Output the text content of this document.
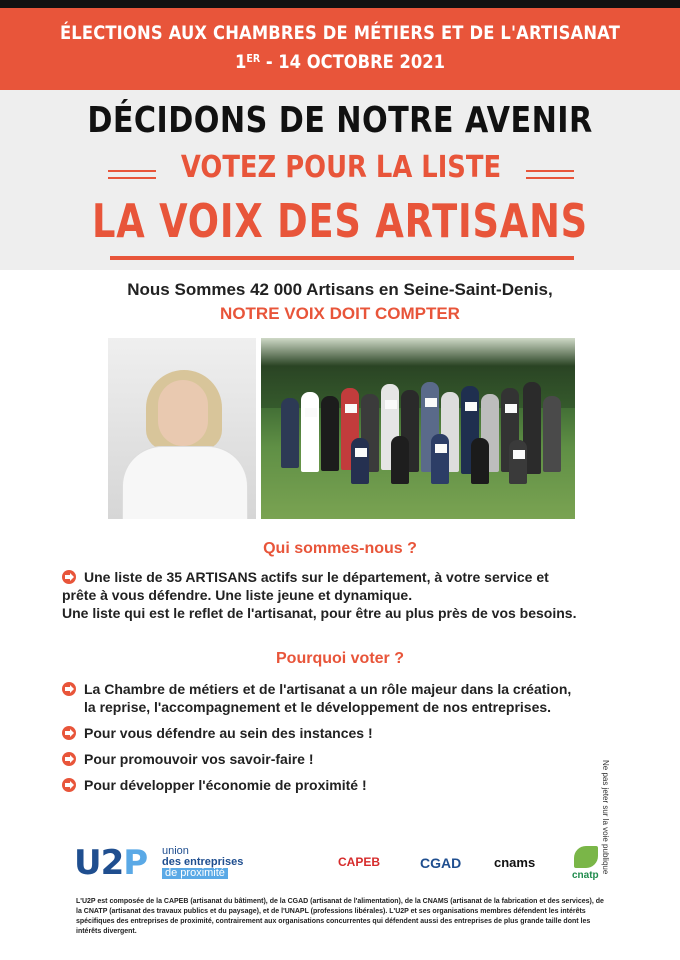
ÉLECTIONS AUX CHAMBRES DE MÉTIERS ET DE L'ARTISANAT
1ER - 14 OCTOBRE 2021
DÉCIDONS DE NOTRE AVENIR
VOTEZ POUR LA LISTE
LA VOIX DES ARTISANS
Nous Sommes 42 000 Artisans en Seine-Saint-Denis,
NOTRE VOIX DOIT COMPTER
Qui sommes-nous ?
Une liste de 35 ARTISANS actifs sur le département, à votre service et
prête à vous défendre. Une liste jeune et dynamique.
Une liste qui est le reflet de l'artisanat, pour être au plus près de vos besoins.
Pourquoi voter ?
La Chambre de métiers et de l'artisanat a un rôle majeur dans la création,
la reprise, l'accompagnement et le développement de nos entreprises.
Pour vous défendre au sein des instances !
Pour promouvoir vos savoir-faire !
Pour développer l'économie de proximité !	Ne pas jeter sur la voie publique
U2P union
des entreprises
de proximité
CAPEB	CGAD	cnams
cnatp
L'U2P est composée de la CAPEB (artisanat du bâtiment), de la CGAD (artisanat de l'alimentation), de la CNAMS (artisanat de la fabrication et des services), de la CNATP (artisanat des travaux publics et du paysage), et de l'UNAPL (professions libérales). L'U2P et ses organisations membres défendent les intérêts spécifiques des entreprises de proximité, contrairement aux organisations concurrentes qui défendent aussi des entreprises de plus grande taille dont les intérêts divergent.
